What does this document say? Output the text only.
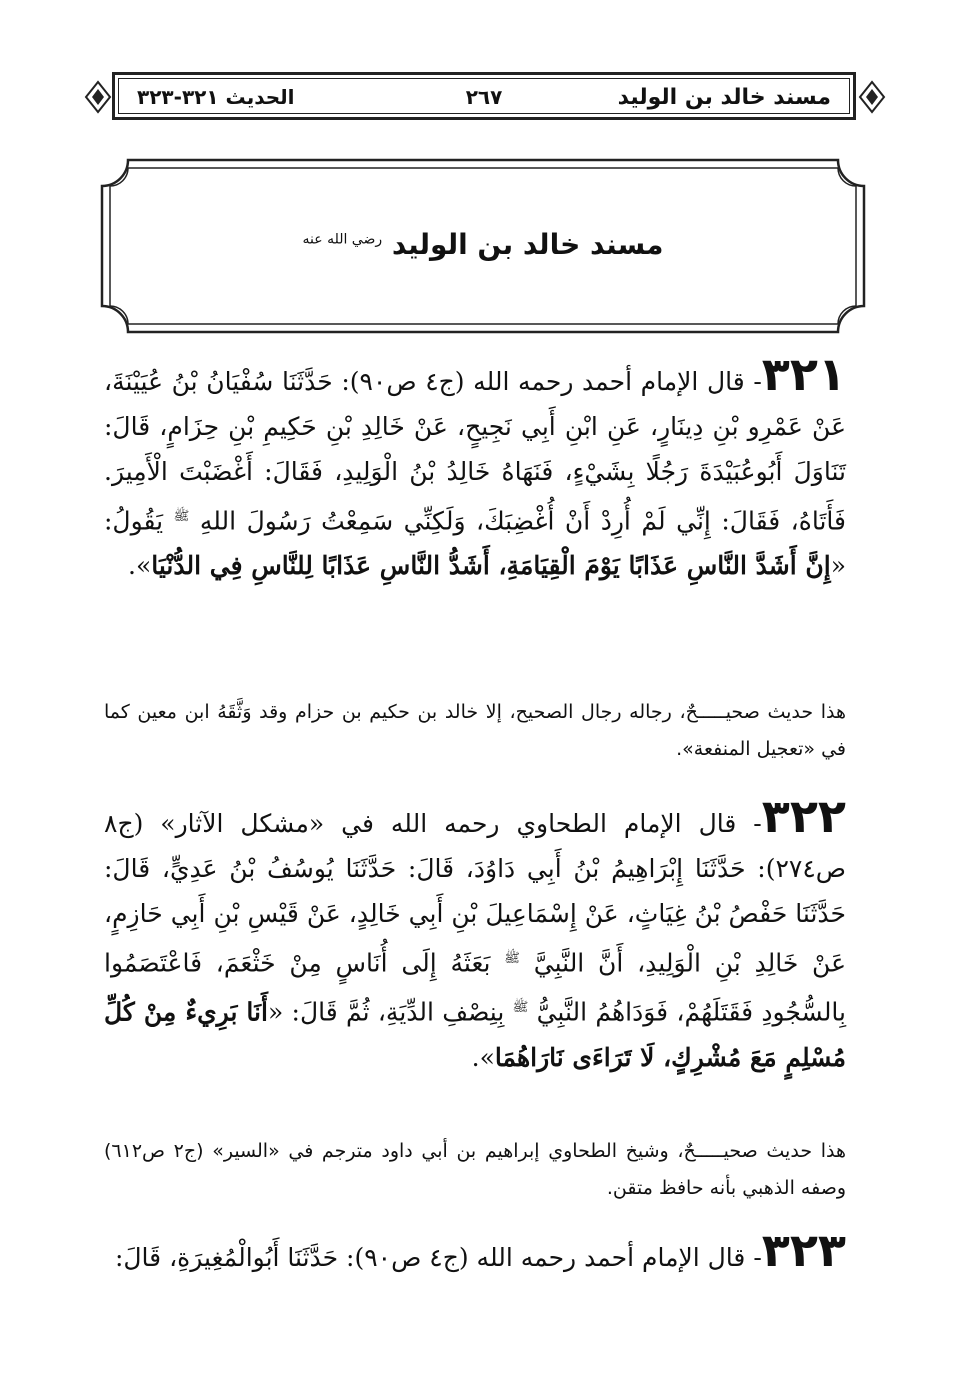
مسند خالد بن الوليد
٢٦٧
الحديث ٣٢١-٣٢٣
مسند خالد بن الوليد $^{رضي الله عنه}$
٣٢١- قال الإمام أحمد رحمه الله (ج٤ ص٩٠): حَدَّثَنَا سُفْيَانُ بْنُ عُيَيْنَةَ، عَنْ عَمْرِو بْنِ دِينَارٍ، عَنِ ابْنِ أَبِي نَجِيحٍ، عَنْ خَالِدِ بْنِ حَكِيمِ بْنِ حِزَامٍ، قَالَ: تَنَاوَلَ أَبُوعُبَيْدَةَ رَجُلًا بِشَيْءٍ، فَنَهَاهُ خَالِدُ بْنُ الْوَلِيدِ، فَقَالَ: أَغْضَبْتَ الْأَمِيرَ. فَأَتَاهُ، فَقَالَ: إِنِّي لَمْ أُرِدْ أَنْ أُغْضِبَكَ، وَلَكِنِّي سَمِعْتُ رَسُولَ اللهِ $^ﷺ$ يَقُولُ: «إِنَّ أَشَدَّ النَّاسِ عَذَابًا يَوْمَ الْقِيَامَةِ، أَشَدُّ النَّاسِ عَذَابًا لِلنَّاسِ فِي الدُّنْيَا».
هذا حديث صحيـــــحٌ، رجاله رجال الصحيح، إلا خالد بن حكيم بن حزام وقد وَثَّقَهُ ابن معين كما في «تعجيل المنفعة».
٣٢٢- قال الإمام الطحاوي رحمه الله في «مشكل الآثار» (ج٨ ص٢٧٤): حَدَّثَنَا إِبْرَاهِيمُ بْنُ أَبِي دَاوُدَ، قَالَ: حَدَّثَنَا يُوسُفُ بْنُ عَدِيٍّ، قَالَ: حَدَّثَنَا حَفْصُ بْنُ غِيَاثٍ، عَنْ إِسْمَاعِيلَ بْنِ أَبِي خَالِدٍ، عَنْ قَيْسِ بْنِ أَبِي حَازِمٍ، عَنْ خَالِدِ بْنِ الْوَلِيدِ، أَنَّ النَّبِيَّ $^ﷺ$ بَعَثَهُ إِلَى أُنَاسٍ مِنْ خَثْعَمَ، فَاعْتَصَمُوا بِالسُّجُودِ فَقَتَلَهُمْ، فَوَدَاهُمُ النَّبِيُّ $^ﷺ$ بِنِصْفِ الدِّيَةِ، ثُمَّ قَالَ: «أَنَا بَرِيءٌ مِنْ كُلِّ مُسْلِمٍ مَعَ مُشْرِكٍ، لَا تَرَاءَى نَارَاهُمَا».
هذا حديث صحيـــــحٌ، وشيخ الطحاوي إبراهيم بن أبي داود مترجم في «السير» (ج٢ ص٦١٢) وصفه الذهبي بأنه حافظ متقن.
٣٢٣- قال الإمام أحمد رحمه الله (ج٤ ص٩٠): حَدَّثَنَا أَبُوالْمُغِيرَةِ، قَالَ:
